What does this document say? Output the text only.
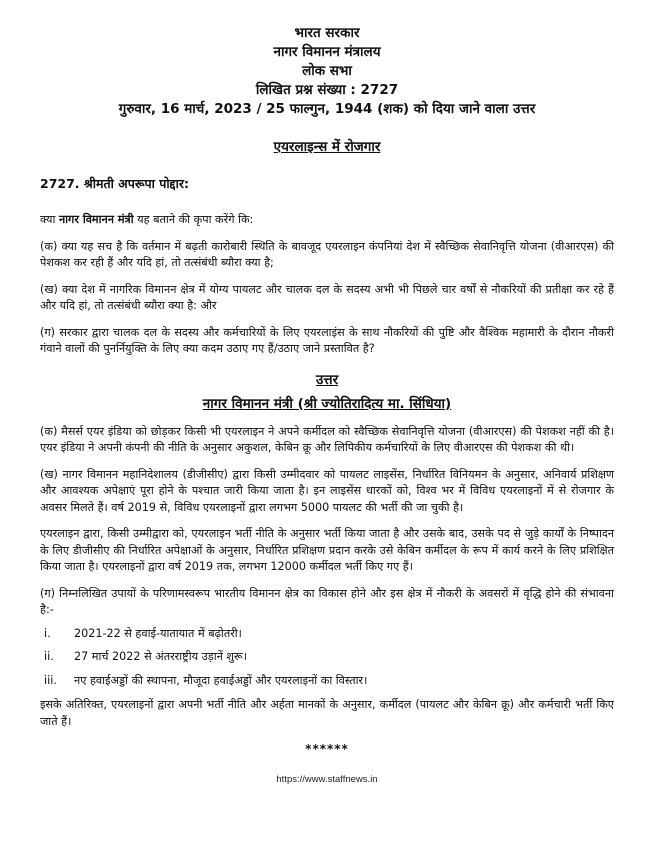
भारत सरकार
नागर विमानन मंत्रालय
लोक सभा
लिखित प्रश्न संख्या : 2727
गुरुवार, 16 मार्च, 2023 / 25 फाल्गुन, 1944 (शक) को दिया जाने वाला उत्तर
एयरलाइन्स में रोजगार
2727. श्रीमती अपरूपा पोद्दार:

क्या नागर विमानन मंत्री यह बताने की कृपा करेंगे कि:

(क) क्या यह सच है कि वर्तमान में बढ़ती कारोबारी स्थिति के बावजूद एयरलाइन कंपनियां देश में स्वैच्छिक सेवानिवृत्ति योजना (वीआरएस) की पेशकश कर रही हैं और यदि हां, तो तत्संबंधी ब्यौरा क्या है;

(ख) क्या देश में नागरिक विमानन क्षेत्र में योग्य पायलट और चालक दल के सदस्य अभी भी पिछले चार वर्षों से नौकरियों की प्रतीक्षा कर रहे हैं और यदि हां, तो तत्संबंधी ब्यौरा क्या है: और

(ग) सरकार द्वारा चालक दल के सदस्य और कर्मचारियों के लिए एयरलाइंस के साथ नौकरियों की पुष्टि और वैश्विक महामारी के दौरान नौकरी गंवाने वालों की पुनर्नियुक्ति के लिए क्या कदम उठाए गए हैं/उठाए जाने प्रस्तावित है?

उत्तर
नागर विमानन मंत्री (श्री ज्योतिरादित्य मा. सिंधिया)

(क) मैसर्स एयर इंडिया को छोड़कर किसी भी एयरलाइन ने अपने कर्मीदल को स्वैच्छिक सेवानिवृत्ति योजना (वीआरएस) की पेशकश नहीं की है। एयर इंडिया ने अपनी कंपनी की नीति के अनुसार अकुशल, केबिन क्रू और लिपिकीय कर्मचारियों के लिए वीआरएस की पेशकश की थी।

(ख) नागर विमानन महानिदेशालय (डीजीसीए) द्वारा किसी उम्मीदवार को पायलट लाइसेंस, निर्धारित विनियमन के अनुसार, अनिवार्य प्रशिक्षण और आवश्यक अपेक्षाएं पूरा होने के पश्चात जारी किया जाता है। इन लाइसेंस धारकों को, विश्व भर में विविध एयरलाइनों में से रोजगार के अवसर मिलते हैं। वर्ष 2019 से, विविध एयरलाइनों द्वारा लगभग 5000 पायलट की भर्ती की जा चुकी है।

एयरलाइन द्वारा, किसी उम्मीद्वारा को, एयरलाइन भर्ती नीति के अनुसार भर्ती किया जाता है और उसके बाद, उसके पद से जुड़े कार्यों के निष्पादन के लिए डीजीसीए की निर्धारित अपेक्षाओं के अनुसार, निर्धारित प्रशिक्षण प्रदान करके उसे केबिन कर्मीदल के रूप में कार्य करने के लिए प्रशिक्षित किया जाता है। एयरलाइनों द्वारा वर्ष 2019 तक, लगभग 12000 कर्मीदल भर्ती किए गए हैं।

(ग) निम्नलिखित उपायों के परिणामस्वरूप भारतीय विमानन क्षेत्र का विकास होने और इस क्षेत्र में नौकरी के अवसरों में वृद्धि होने की संभावना है:-

i.	2021-22 से हवाई-यातायात में बढ़ोतरी।
ii.	27 मार्च 2022 से अंतरराष्ट्रीय उड़ानें शुरू।
iii.	नए हवाईअड्डों की स्थापना, मौजूदा हवाईअड्डों और एयरलाइनों का विस्तार।

इसके अतिरिक्त, एयरलाइनों द्वारा अपनी भर्ती नीति और अर्हता मानकों के अनुसार, कर्मीदल (पायलट और केबिन क्रू) और कर्मचारी भर्ती किए जाते हैं।

******
https://www.staffnews.in
